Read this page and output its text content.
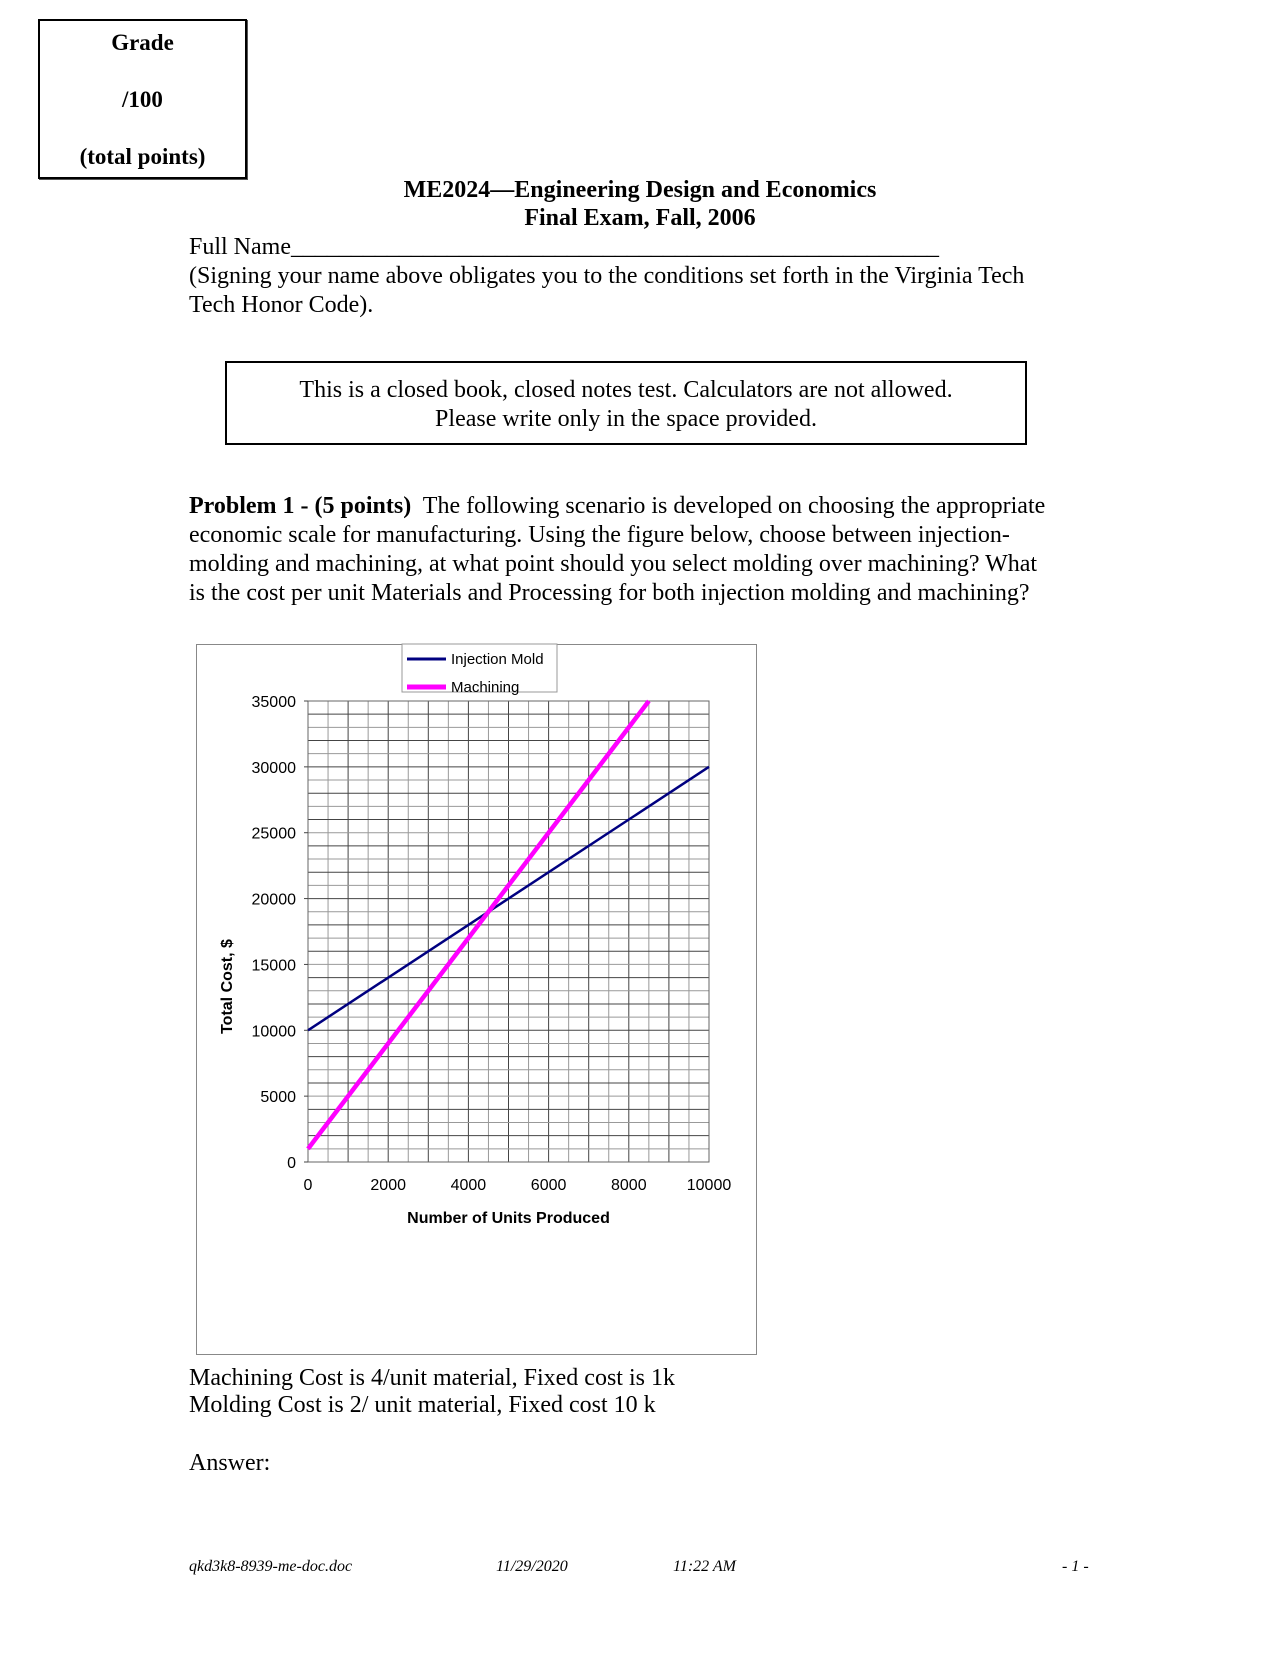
Grade
/100
(total points)
ME2024—Engineering Design and Economics
Final Exam, Fall, 2006
Full Name______________________________________________________
(Signing your name above obligates you to the conditions set forth in the Virginia Tech
Tech Honor Code).
This is a closed book, closed notes test. Calculators are not allowed.
Please write only in the space provided.
Problem 1 - (5 points)  The following scenario is developed on choosing the appropriate
economic scale for manufacturing. Using the figure below, choose between injection-
molding and machining, at what point should you select molding over machining? What
is the cost per unit Materials and Processing for both injection molding and machining?
0	2000	4000	6000	8000	10000
0
5000
10000
15000
20000
25000
30000
35000
Number of Units Produced
Total Cost, $
Injection Mold
Machining
Machining Cost is 4/unit material, Fixed cost is 1k
Molding Cost is 2/ unit material, Fixed cost 10 k
Answer:
qkd3k8-8939-me-doc.doc	11/29/2020	11:22 AM	- 1 -
